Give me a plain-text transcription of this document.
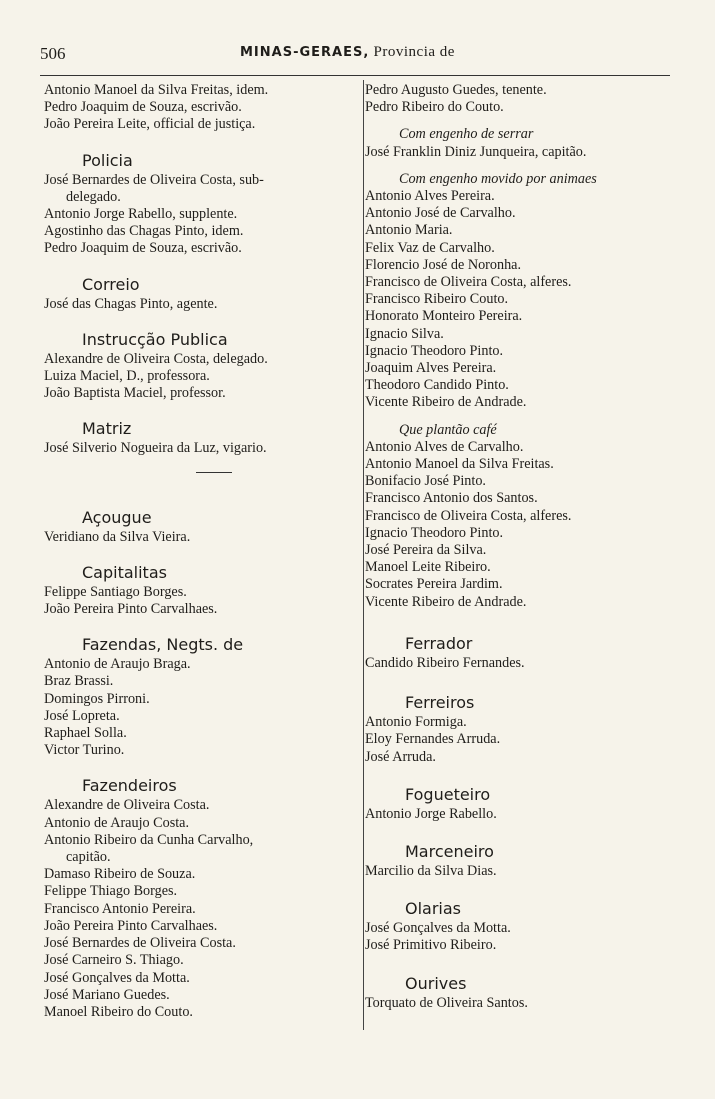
506	MINAS-GERAES, Provincia de
Antonio Manoel da Silva Freitas, idem.
Pedro Joaquim de Souza, escrivão.
João Pereira Leite, official de justiça.
Policia
José Bernardes de Oliveira Costa, sub-
delegado.
Antonio Jorge Rabello, supplente.
Agostinho das Chagas Pinto, idem.
Pedro Joaquim de Souza, escrivão.
Correio
José das Chagas Pinto, agente.
Instrucção Publica
Alexandre de Oliveira Costa, delegado.
Luiza Maciel, D., professora.
João Baptista Maciel, professor.
Matriz
José Silverio Nogueira da Luz, vigario.
Açougue
Veridiano da Silva Vieira.
Capitalitas
Felippe Santiago Borges.
João Pereira Pinto Carvalhaes.
Fazendas, Negts. de
Antonio de Araujo Braga.
Braz Brassi.
Domingos Pirroni.
José Lopreta.
Raphael Solla.
Victor Turino.
Fazendeiros
Alexandre de Oliveira Costa.
Antonio de Araujo Costa.
Antonio Ribeiro da Cunha Carvalho,
capitão.
Damaso Ribeiro de Souza.
Felippe Thiago Borges.
Francisco Antonio Pereira.
João Pereira Pinto Carvalhaes.
José Bernardes de Oliveira Costa.
José Carneiro S. Thiago.
José Gonçalves da Motta.
José Mariano Guedes.
Manoel Ribeiro do Couto.
Pedro Augusto Guedes, tenente.
Pedro Ribeiro do Couto.
Com engenho de serrar
José Franklin Diniz Junqueira, capitão.
Com engenho movido por animaes
Antonio Alves Pereira.
Antonio José de Carvalho.
Antonio Maria.
Felix Vaz de Carvalho.
Florencio José de Noronha.
Francisco de Oliveira Costa, alferes.
Francisco Ribeiro Couto.
Honorato Monteiro Pereira.
Ignacio Silva.
Ignacio Theodoro Pinto.
Joaquim Alves Pereira.
Theodoro Candido Pinto.
Vicente Ribeiro de Andrade.
Que plantão café
Antonio Alves de Carvalho.
Antonio Manoel da Silva Freitas.
Bonifacio José Pinto.
Francisco Antonio dos Santos.
Francisco de Oliveira Costa, alferes.
Ignacio Theodoro Pinto.
José Pereira da Silva.
Manoel Leite Ribeiro.
Socrates Pereira Jardim.
Vicente Ribeiro de Andrade.
Ferrador
Candido Ribeiro Fernandes.
Ferreiros
Antonio Formiga.
Eloy Fernandes Arruda.
José Arruda.
Fogueteiro
Antonio Jorge Rabello.
Marceneiro
Marcilio da Silva Dias.
Olarias
José Gonçalves da Motta.
José Primitivo Ribeiro.
Ourives
Torquato de Oliveira Santos.
